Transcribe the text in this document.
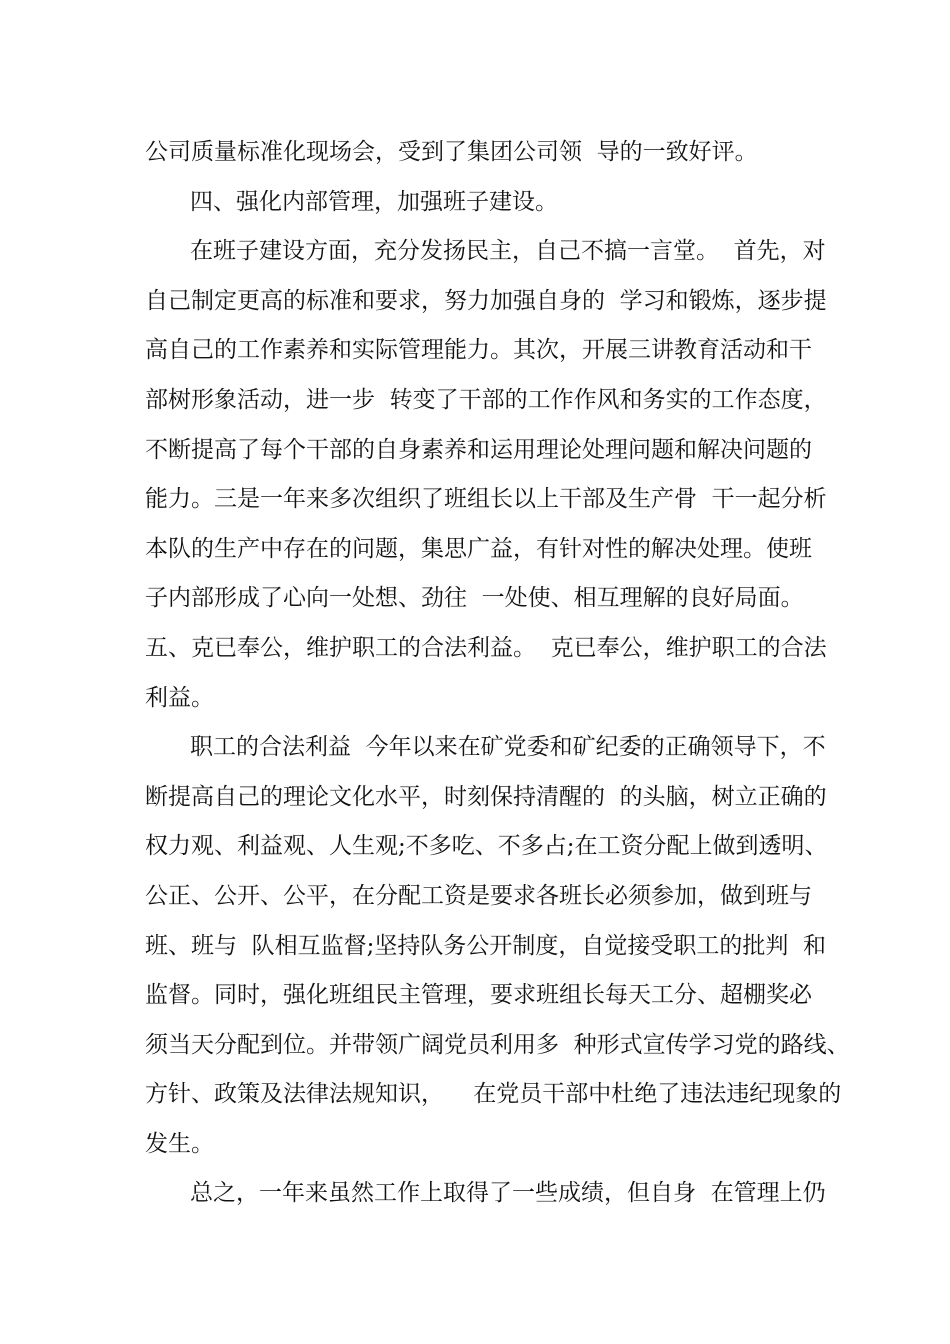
公司质量标准化现场会，受到了集团公司领  导的一致好评。
四、强化内部管理，加强班子建设。
在班子建设方面，充分发扬民主，自己不搞一言堂。  首先，对
自己制定更高的标准和要求，努力加强自身的  学习和锻炼，逐步提
高自己的工作素养和实际管理能力。其次，开展三讲教育活动和干
部树形象活动，进一步  转变了干部的工作作风和务实的工作态度，
不断提高了每个干部的自身素养和运用理论处理问题和解决问题的
能力。三是一年来多次组织了班组长以上干部及生产骨  干一起分析
本队的生产中存在的问题，集思广益，有针对性的解决处理。使班
子内部形成了心向一处想、劲往  一处使、相互理解的良好局面。
五、克已奉公，维护职工的合法利益。  克已奉公，维护职工的合法
利益。
职工的合法利益  今年以来在矿党委和矿纪委的正确领导下，不
断提高自己的理论文化水平，时刻保持清醒的  的头脑，树立正确的
权力观、利益观、人生观;不多吃、不多占;在工资分配上做到透明、
公正、公开、公平，在分配工资是要求各班长必须参加，做到班与
班、班与  队相互监督;坚持队务公开制度，自觉接受职工的批判  和
监督。同时，强化班组民主管理，要求班组长每天工分、超棚奖必
须当天分配到位。并带领广阔党员利用多  种形式宣传学习党的路线、
方针、政策及法律法规知识，    在党员干部中杜绝了违法违纪现象的
发生。
总之，一年来虽然工作上取得了一些成绩，但自身  在管理上仍
